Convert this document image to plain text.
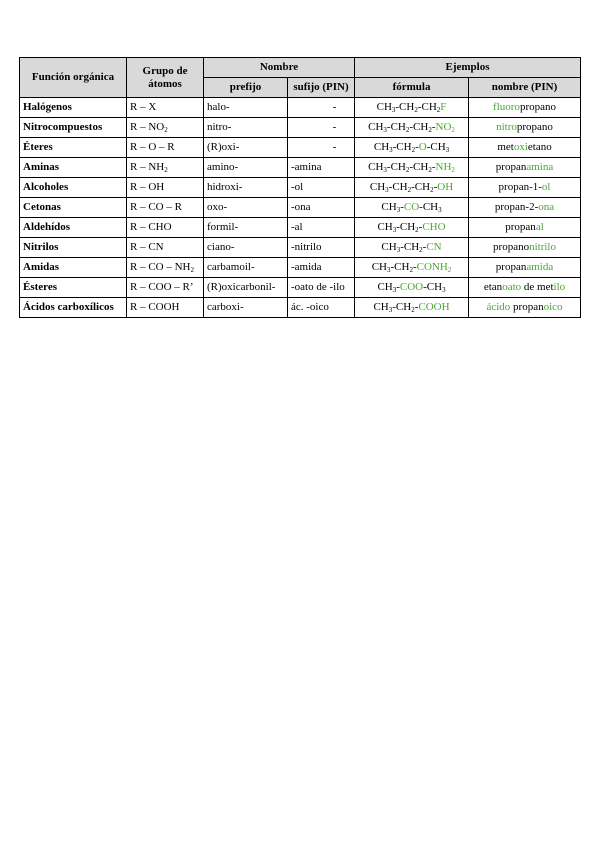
Función orgánica	Grupo de átomos	Nombre		Ejemplos	
		prefijo	sufijo (PIN)	fórmula	nombre (PIN)
Halógenos	R – X	halo-	-	$CH_3-CH_2-CH_2F$	fluoropropano
Nitrocompuestos	R – $NO_2$	nitro-	-	$CH_3-CH_2-CH_2-NO_2$	nitropropano
Éteres	R – O – R	(R)oxi-	-	$CH_3-CH_2-O-CH_3$	metoxietano
Aminas	R – $NH_2$	amino-	-amina	$CH_3-CH_2-CH_2-NH_2$	propanamina
Alcoholes	R – OH	hidroxi-	-ol	$CH_3-CH_2-CH_2-OH$	propan-1-ol
Cetonas	R – CO – R	oxo-	-ona	$CH_3-CO-CH_3$	propan-2-ona
Aldehídos	R – CHO	formil-	-al	$CH_3-CH_2$-CHO	propanal
Nitrilos	R – CN	ciano-	-nitrilo	$CH_3-CH_2-CN$	propanonitrilo
Amidas	R – CO – $NH_2$	carbamoil-	-amida	$CH_3-CH_2-CONH_2$	propanamida
Ésteres	R – COO – R’	(R)oxicarbonil-	-oato de -ilo	$CH_3-COO-CH_3$	etanoato de metilo
Ácidos carboxílicos	R – COOH	carboxi-	ác. -oico	$CH_3-CH_2$-COOH	ácido propanoico
